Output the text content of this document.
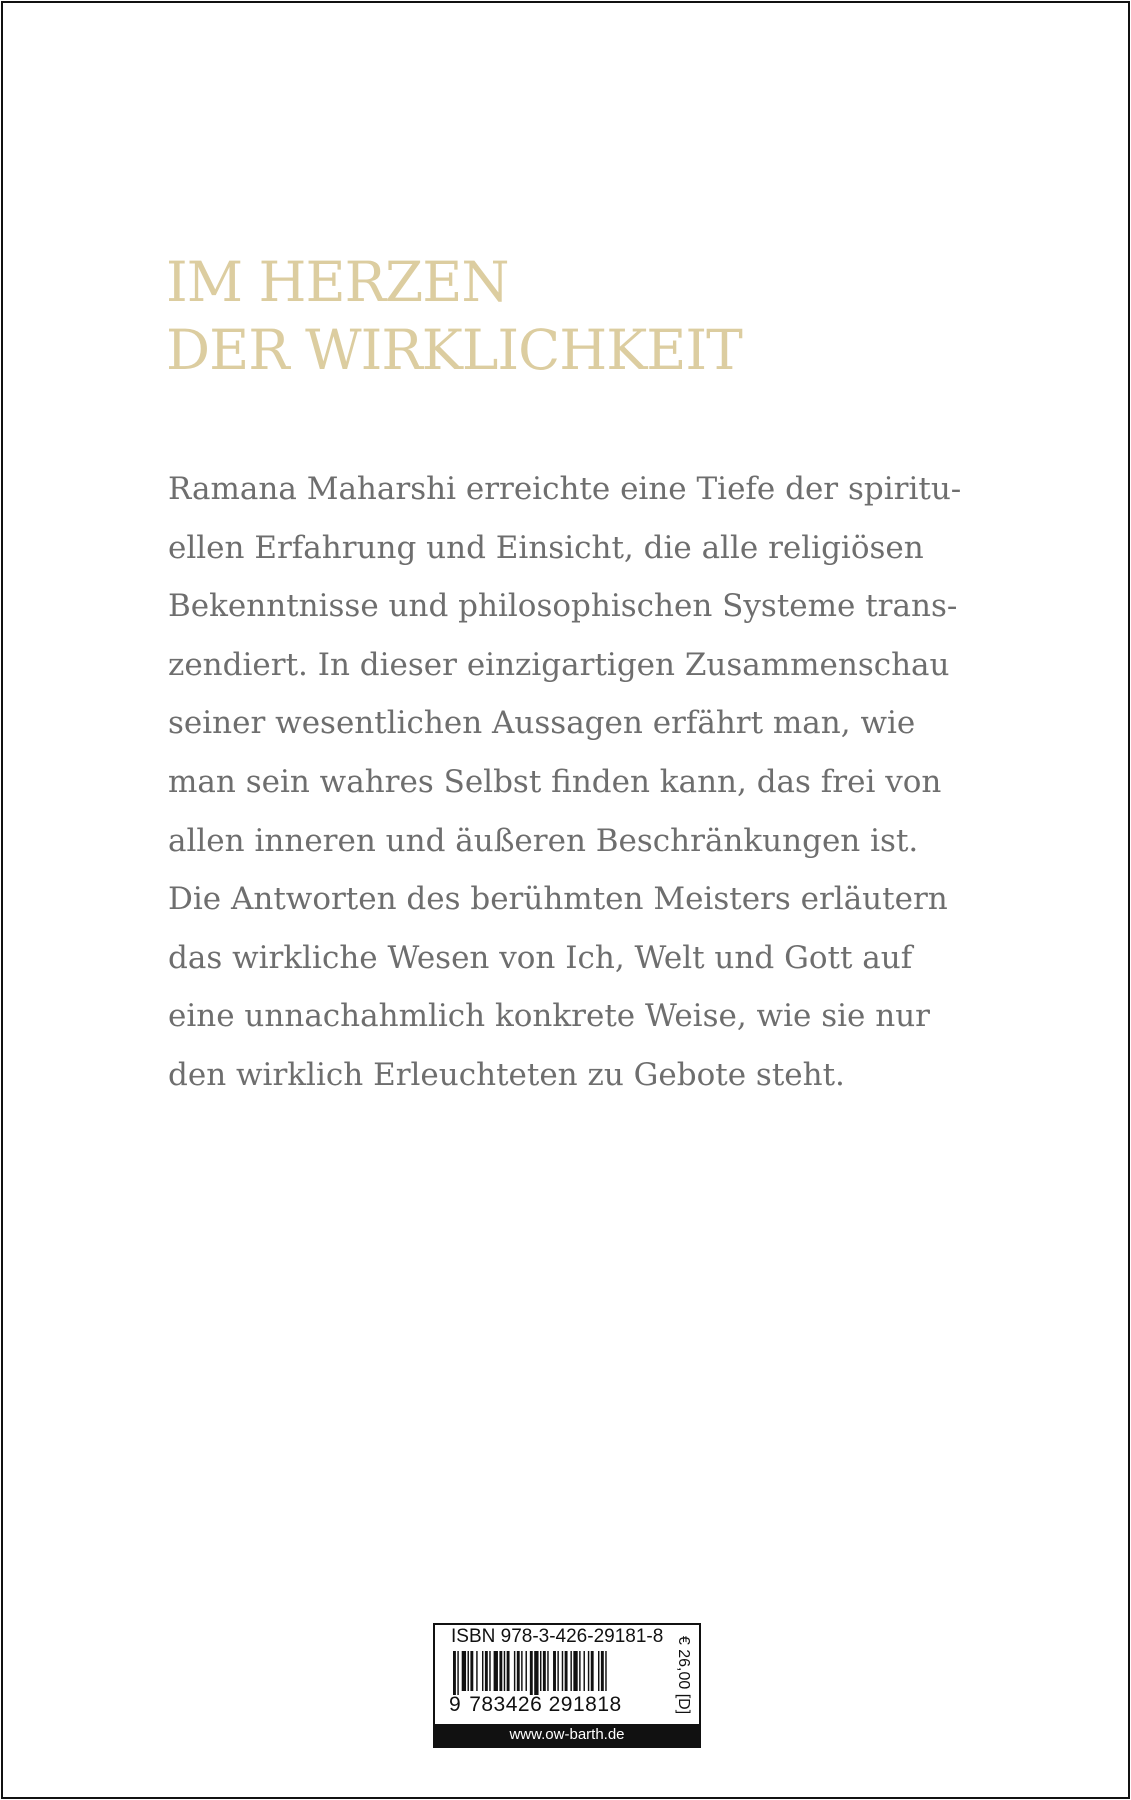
IM HERZEN
DER WIRKLICHKEIT
Ramana Maharshi erreichte eine Tiefe der spiritu-
ellen Erfahrung und Einsicht, die alle religiösen
Bekenntnisse und philosophischen Systeme trans-
zendiert. In dieser einzigartigen Zusammenschau
seiner wesentlichen Aussagen erfährt man, wie
man sein wahres Selbst finden kann, das frei von
allen inneren und äußeren Beschränkungen ist.
Die Antworten des berühmten Meisters erläutern
das wirkliche Wesen von Ich, Welt und Gott auf
eine unnachahmlich konkrete Weise, wie sie nur
den wirklich Erleuchteten zu Gebote steht.
ISBN 978-3-426-29181-8
9 783426 291818	€ 26,00 [D]
www.ow-barth.de
